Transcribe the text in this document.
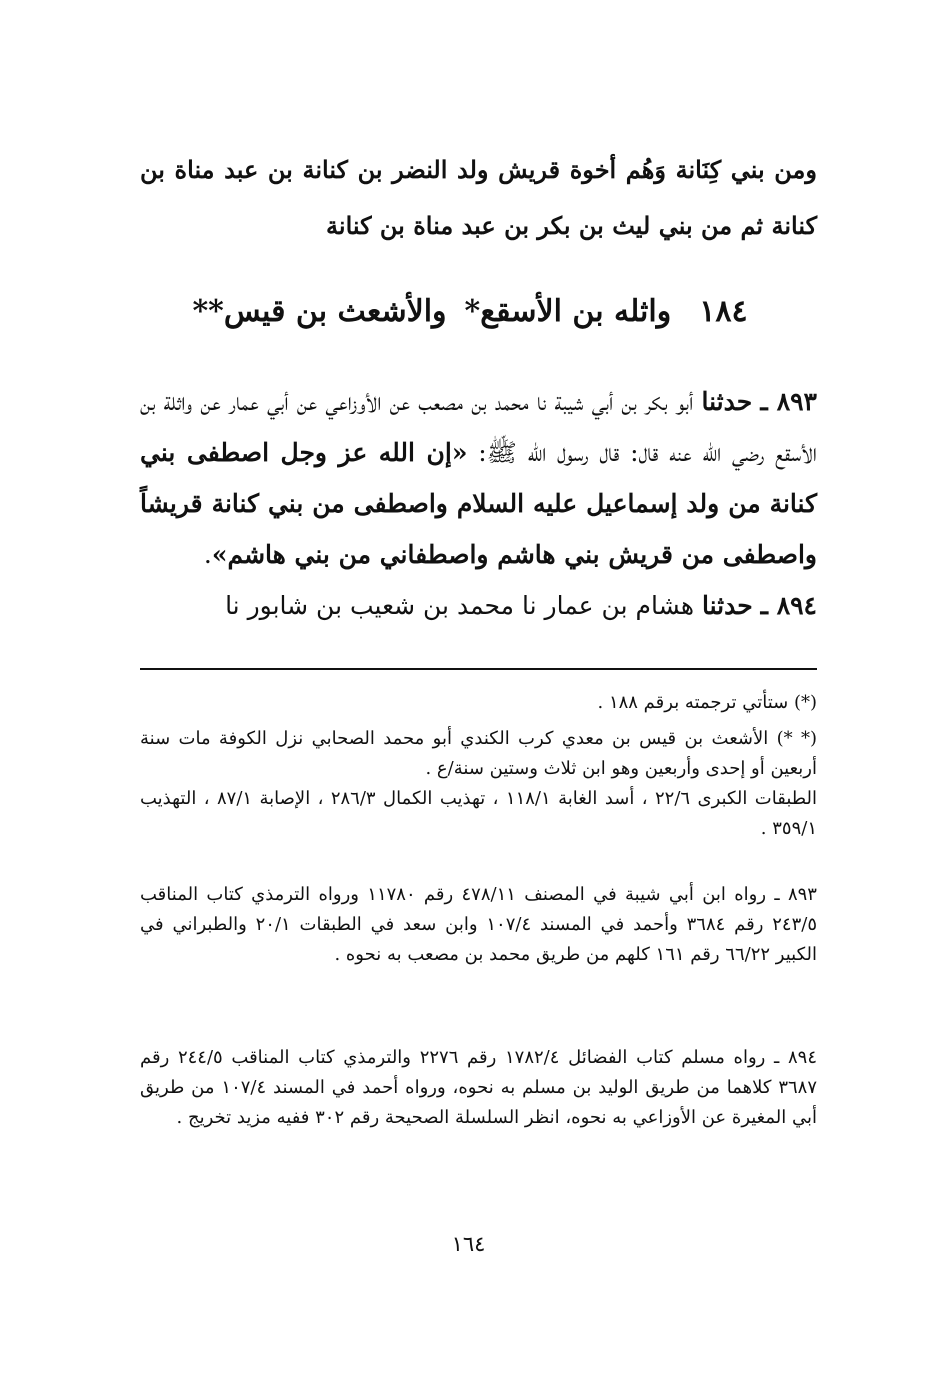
ومن بني كِنَانة وَهُم أخوة قريش ولد النضر بن كنانة بن عبد مناة بن كنانة ثم من بني ليث بن بكر بن عبد مناة بن كنانة
١٨٤واثله بن الأسقع*والأشعث بن قيس**

٨٩٣ ـ حدثنا أبو بكر بن أبي شيبة نا محمد بن مصعب عن الأوزاعي عن أبي عمار عن واثلة بن الأسقع رضي الله عنه قال: قال رسول الله ﷺ: «إن الله عز وجل اصطفى بني كنانة من ولد إسماعيل عليه السلام واصطفى من بني كنانة قريشاً واصطفى من قريش بني هاشم واصطفاني من بني هاشم».

٨٩٤ ـ حدثنا هشام بن عمار نا محمد بن شعيب بن شابور نا

(*) ستأتي ترجمته برقم ١٨٨ .

(* *) الأشعث بن قيس بن معدي كرب الكندي أبو محمد الصحابي نزل الكوفة مات سنة أربعين أو إحدى وأربعين وهو ابن ثلاث وستين سنة/ع .

الطبقات الكبرى ٢٢/٦ ، أسد الغابة ١١٨/١ ، تهذيب الكمال ٢٨٦/٣ ، الإصابة ٨٧/١ ، التهذيب ٣٥٩/١ .

٨٩٣ ـ رواه ابن أبي شيبة في المصنف ٤٧٨/١١ رقم ١١٧٨٠ ورواه الترمذي كتاب المناقب ٢٤٣/٥ رقم ٣٦٨٤ وأحمد في المسند ١٠٧/٤ وابن سعد في الطبقات ٢٠/١ والطبراني في الكبير ٦٦/٢٢ رقم ١٦١ كلهم من طريق محمد بن مصعب به نحوه .

٨٩٤ ـ رواه مسلم كتاب الفضائل ١٧٨٢/٤ رقم ٢٢٧٦ والترمذي كتاب المناقب ٢٤٤/٥ رقم ٣٦٨٧ كلاهما من طريق الوليد بن مسلم به نحوه، ورواه أحمد في المسند ١٠٧/٤ من طريق أبي المغيرة عن الأوزاعي به نحوه، انظر السلسلة الصحيحة رقم ٣٠٢ ففيه مزيد تخريج .

١٦٤
